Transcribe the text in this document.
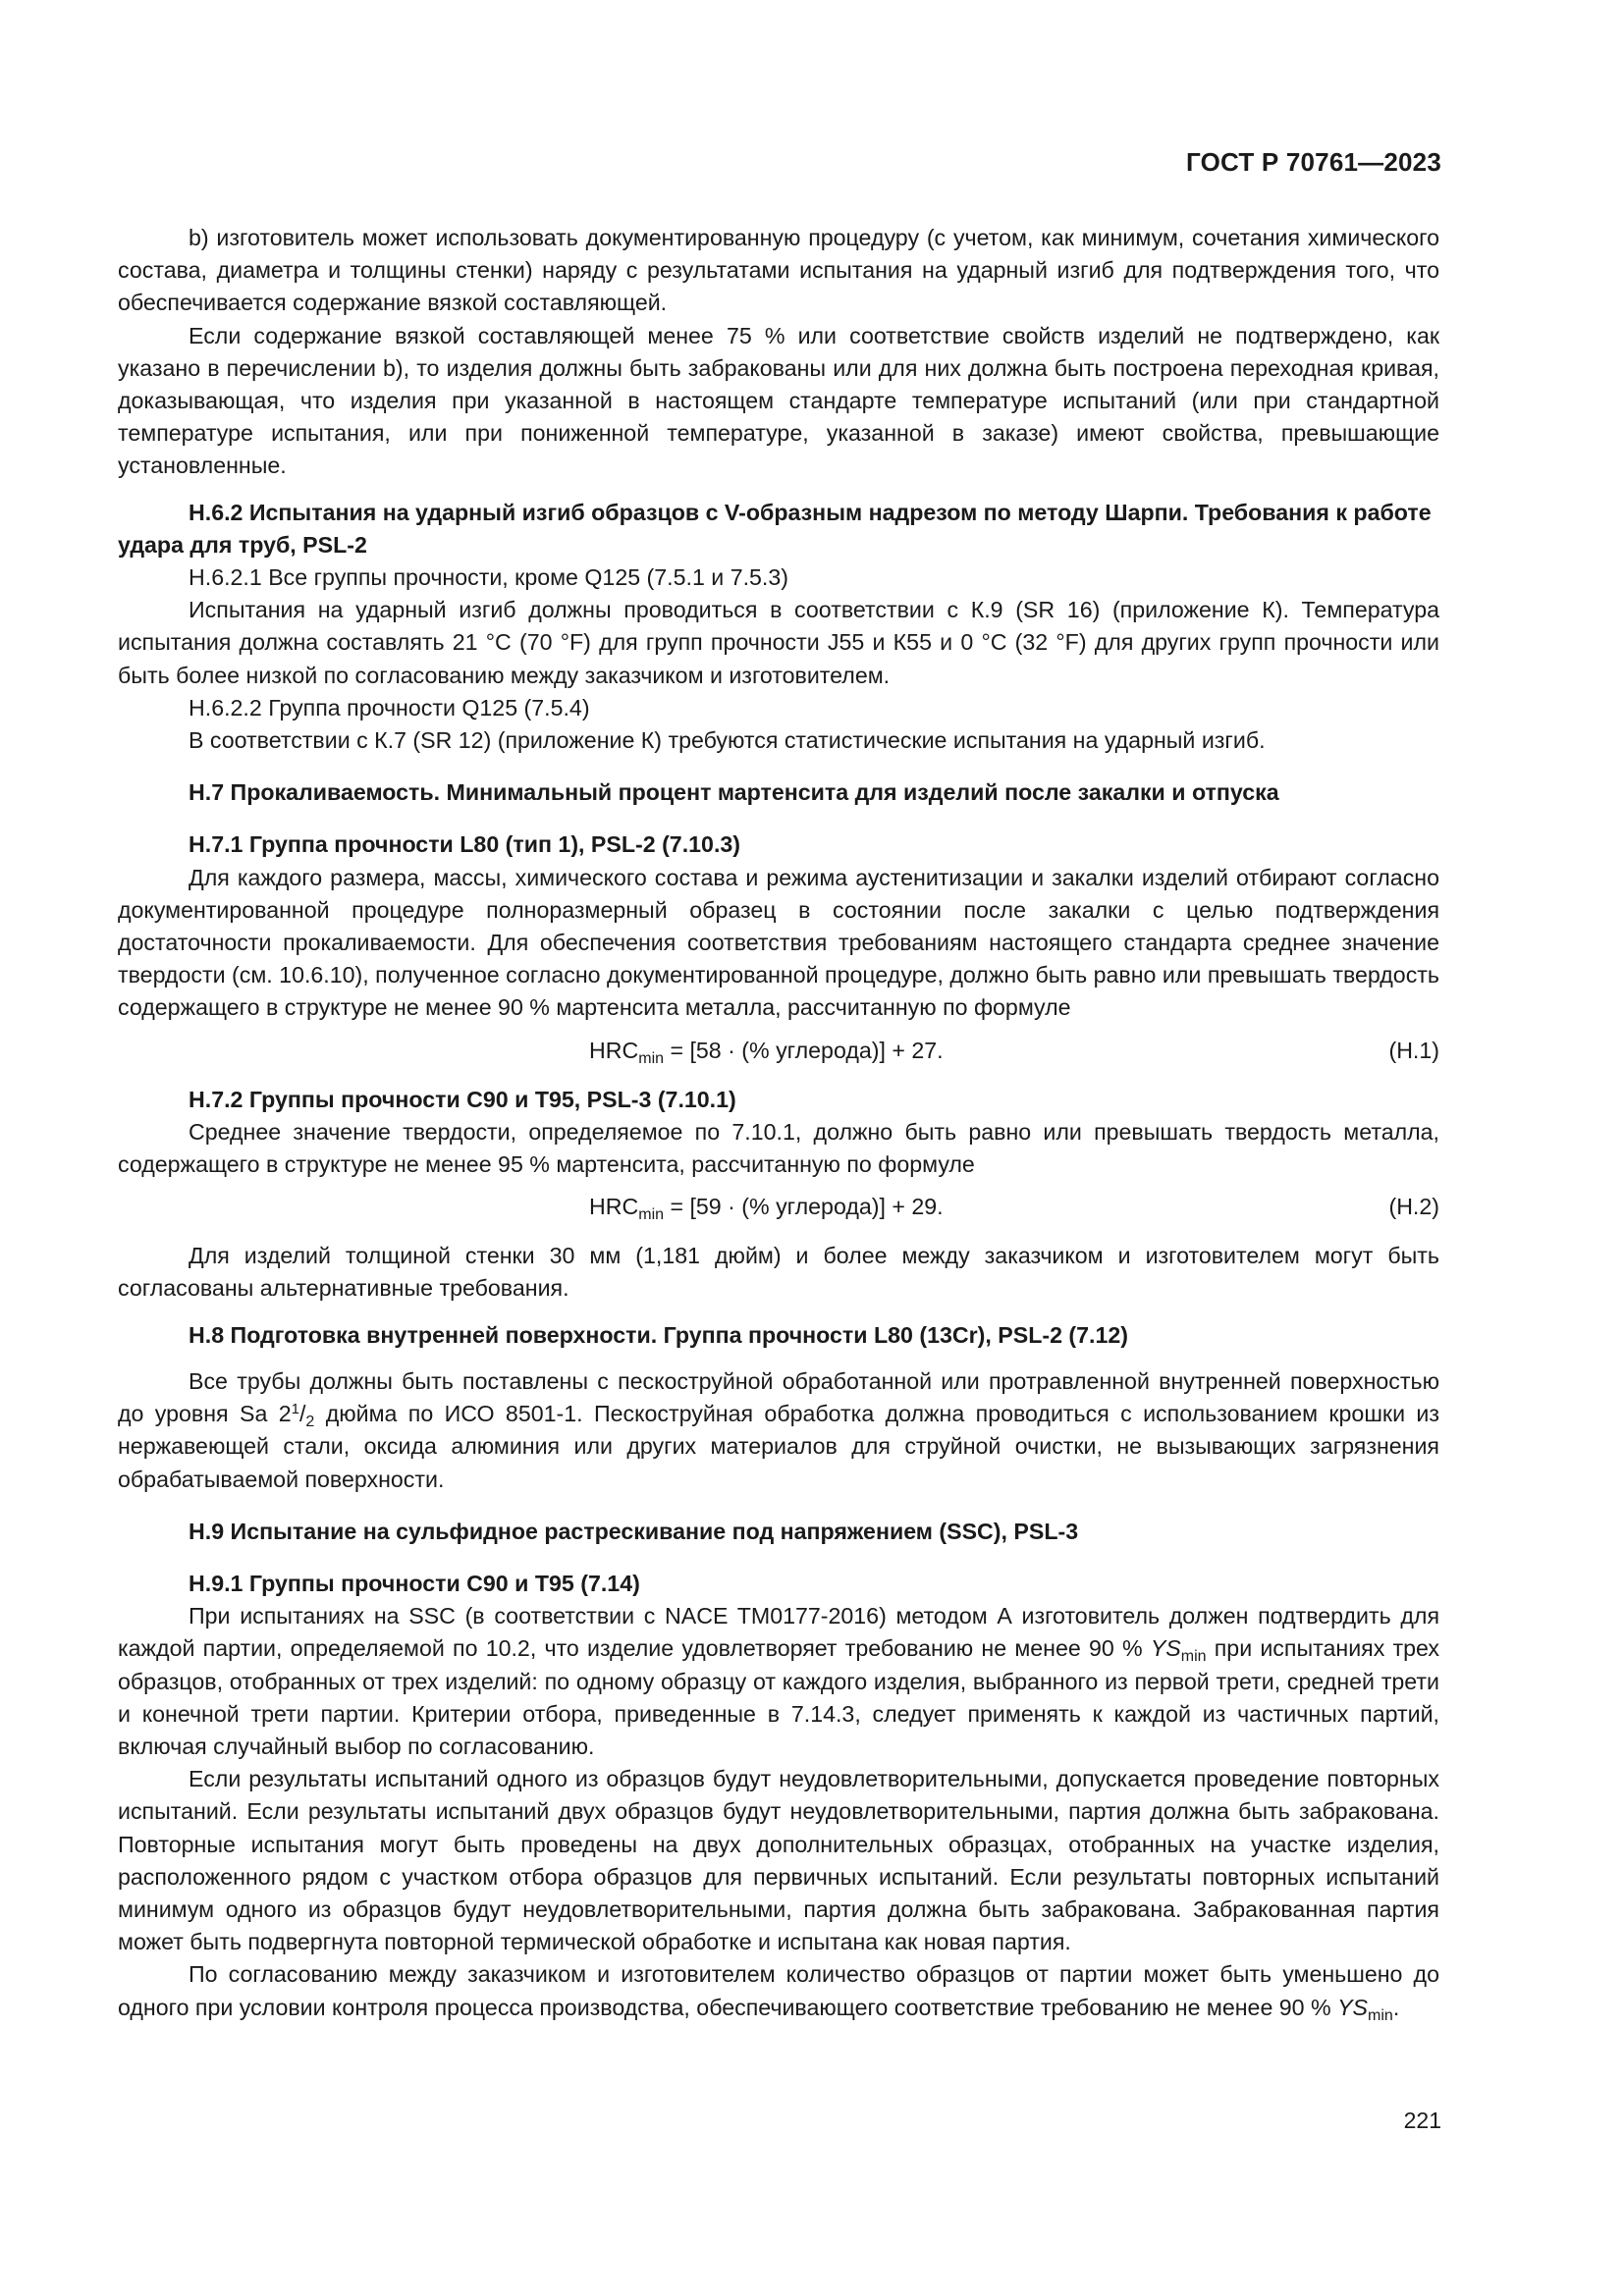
ГОСТ Р 70761—2023

b) изготовитель может использовать документированную процедуру (с учетом, как минимум, сочетания химического состава, диаметра и толщины стенки) наряду с результатами испытания на ударный изгиб для подтверждения того, что обеспечивается содержание вязкой составляющей.

Если содержание вязкой составляющей менее 75 % или соответствие свойств изделий не подтверждено, как указано в перечислении b), то изделия должны быть забракованы или для них должна быть построена переходная кривая, доказывающая, что изделия при указанной в настоящем стандарте температуре испытаний (или при стандартной температуре испытания, или при пониженной температуре, указанной в заказе) имеют свойства, превышающие установленные.

Н.6.2 Испытания на ударный изгиб образцов с V-образным надрезом по методу Шарпи. Требования к работе удара для труб, PSL-2

Н.6.2.1 Все группы прочности, кроме Q125 (7.5.1 и 7.5.3)

Испытания на ударный изгиб должны проводиться в соответствии с К.9 (SR 16) (приложение К). Температура испытания должна составлять 21 °С (70 °F) для групп прочности J55 и К55 и 0 °С (32 °F) для других групп прочности или быть более низкой по согласованию между заказчиком и изготовителем.

Н.6.2.2 Группа прочности Q125 (7.5.4)

В соответствии с К.7 (SR 12) (приложение К) требуются статистические испытания на ударный изгиб.

Н.7 Прокаливаемость. Минимальный процент мартенсита для изделий после закалки и отпуска
Н.7.1 Группа прочности L80 (тип 1), PSL-2 (7.10.3)

Для каждого размера, массы, химического состава и режима аустенитизации и закалки изделий отбирают согласно документированной процедуре полноразмерный образец в состоянии после закалки с целью подтверждения достаточности прокаливаемости. Для обеспечения соответствия требованиям настоящего стандарта среднее значение твердости (см. 10.6.10), полученное согласно документированной процедуре, должно быть равно или превышать твердость содержащего в структуре не менее 90 % мартенсита металла, рассчитанную по формуле

$HRC_{min} = [58$ · (% углерода)] + 27.	(Н.1)
Н.7.2 Группы прочности С90 и Т95, PSL-3 (7.10.1)

Среднее значение твердости, определяемое по 7.10.1, должно быть равно или превышать твердость металла, содержащего в структуре не менее 95 % мартенсита, рассчитанную по формуле

$HRC_{min} = [59$ · (% углерода)] + 29.	(Н.2)

Для изделий толщиной стенки 30 мм (1,181 дюйм) и более между заказчиком и изготовителем могут быть согласованы альтернативные требования.

Н.8 Подготовка внутренней поверхности. Группа прочности L80 (13Cr), PSL-2 (7.12)

Все трубы должны быть поставлены с пескоструйной обработанной или протравленной внутренней поверхностью до уровня Sa $2^1/_2$ дюйма по ИСО 8501-1. Пескоструйная обработка должна проводиться с использованием крошки из нержавеющей стали, оксида алюминия или других материалов для струйной очистки, не вызывающих загрязнения обрабатываемой поверхности.

Н.9 Испытание на сульфидное растрескивание под напряжением (SSC), PSL-3
Н.9.1 Группы прочности С90 и Т95 (7.14)

При испытаниях на SSC (в соответствии с NACE TM0177-2016) методом А изготовитель должен подтвердить для каждой партии, определяемой по 10.2, что изделие удовлетворяет требованию не менее 90 % $YS_{min}$ при испытаниях трех образцов, отобранных от трех изделий: по одному образцу от каждого изделия, выбранного из первой трети, средней трети и конечной трети партии. Критерии отбора, приведенные в 7.14.3, следует применять к каждой из частичных партий, включая случайный выбор по согласованию.

Если результаты испытаний одного из образцов будут неудовлетворительными, допускается проведение повторных испытаний. Если результаты испытаний двух образцов будут неудовлетворительными, партия должна быть забракована. Повторные испытания могут быть проведены на двух дополнительных образцах, отобранных на участке изделия, расположенного рядом с участком отбора образцов для первичных испытаний. Если результаты повторных испытаний минимум одного из образцов будут неудовлетворительными, партия должна быть забракована. Забракованная партия может быть подвергнута повторной термической обработке и испытана как новая партия.

По согласованию между заказчиком и изготовителем количество образцов от партии может быть уменьшено до одного при условии контроля процесса производства, обеспечивающего соответствие требованию не менее 90 % $YS_{min}$.

221
